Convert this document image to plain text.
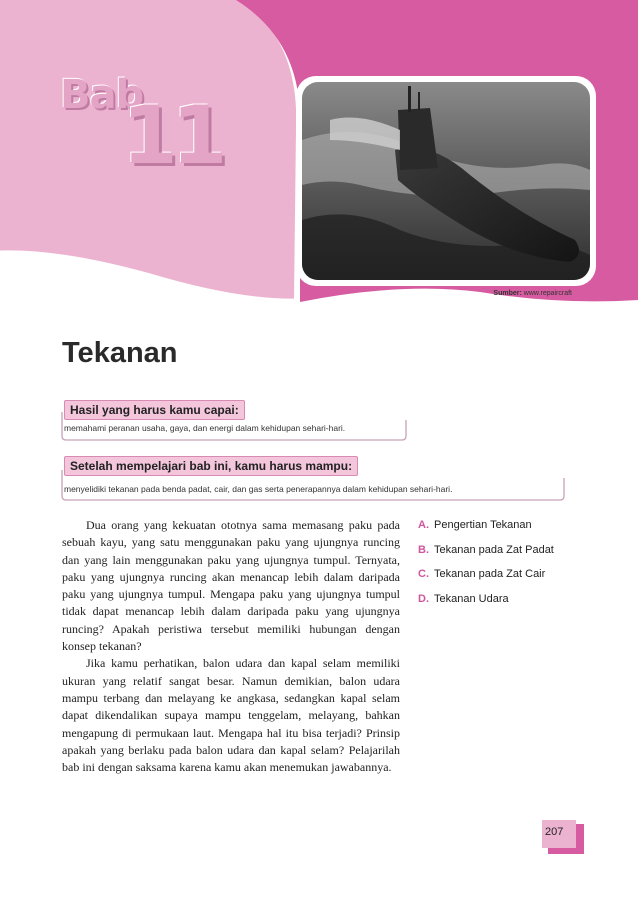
Bab
11
Sumber: www.repaircraft
Tekanan
Hasil yang harus kamu capai:
memahami peranan usaha, gaya, dan energi dalam kehidupan sehari-hari.
Setelah mempelajari bab ini, kamu harus mampu:
menyelidiki tekanan pada benda padat, cair, dan gas serta penerapannya dalam kehidupan sehari-hari.

Dua orang yang kekuatan ototnya sama memasang paku pada sebuah kayu, yang satu menggunakan paku yang ujungnya runcing dan yang lain menggunakan paku yang ujungnya tumpul. Ternyata, paku yang ujungnya runcing akan menancap lebih dalam daripada paku yang ujungnya tumpul. Mengapa paku yang ujungnya tumpul tidak dapat menancap lebih dalam daripada paku yang ujungnya runcing? Apakah peristiwa tersebut memiliki hubungan dengan konsep tekanan?

Jika kamu perhatikan, balon udara dan kapal selam memiliki ukuran yang relatif sangat besar. Namun demikian, balon udara mampu terbang dan melayang ke angkasa, sedangkan kapal selam dapat dikendalikan supaya mampu tenggelam, melayang, bahkan mengapung di permukaan laut. Mengapa hal itu bisa terjadi? Prinsip apakah yang berlaku pada balon udara dan kapal selam? Pelajarilah bab ini dengan saksama karena kamu akan menemukan jawabannya.

A. Pengertian Tekanan
B. Tekanan pada Zat Padat
C. Tekanan pada Zat Cair
D. Tekanan Udara
207
